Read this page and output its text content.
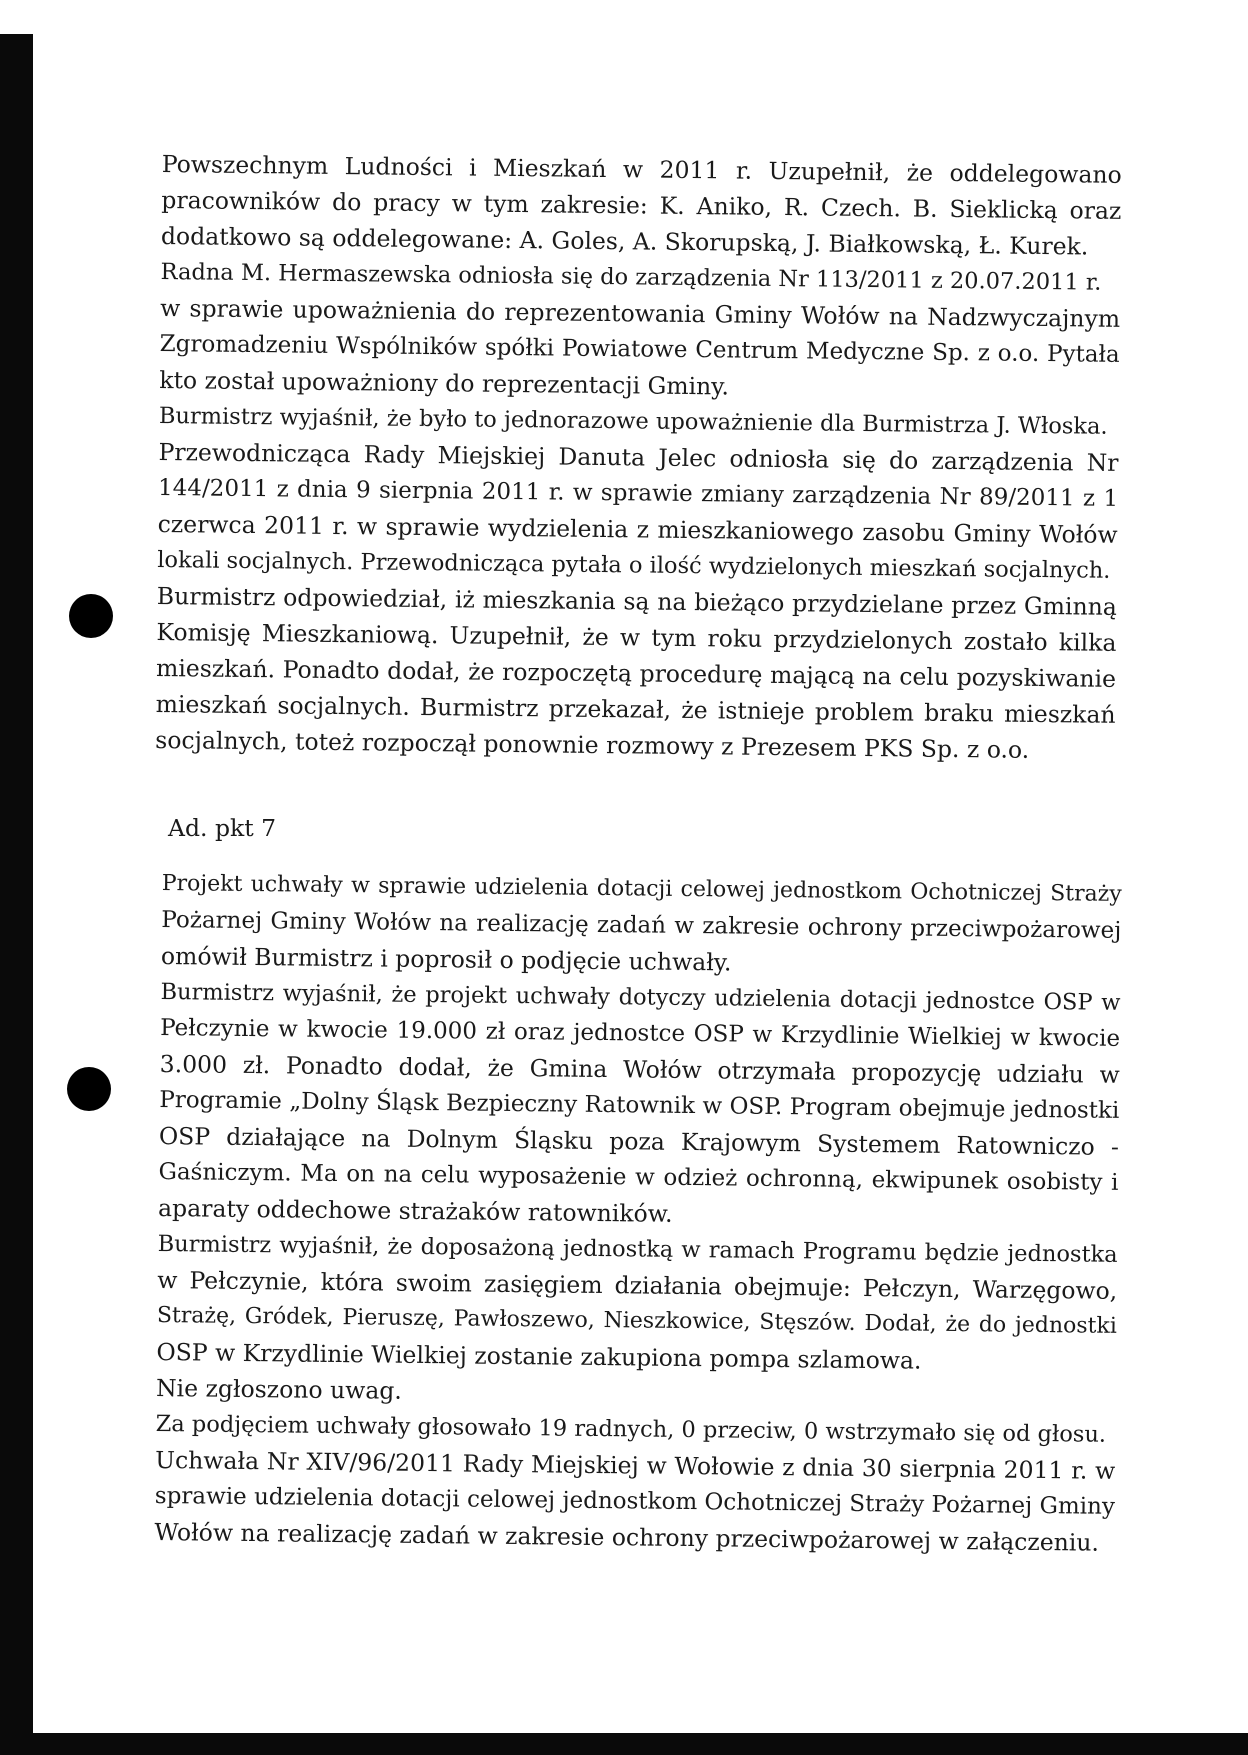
Powszechnym Ludności i Mieszkań w 2011 r. Uzupełnił, że oddelegowano
pracowników do pracy w tym zakresie: K. Aniko, R. Czech. B. Sieklicką oraz
dodatkowo są oddelegowane: A. Goles, A. Skorupską, J. Białkowską, Ł. Kurek.
Radna M. Hermaszewska odniosła się do zarządzenia Nr 113/2011 z 20.07.2011 r.
w sprawie upoważnienia do reprezentowania Gminy Wołów na Nadzwyczajnym
Zgromadzeniu Wspólników spółki Powiatowe Centrum Medyczne Sp. z o.o. Pytała
kto został upoważniony do reprezentacji Gminy.
Burmistrz wyjaśnił, że było to jednorazowe upoważnienie dla Burmistrza J. Włoska.
Przewodnicząca Rady Miejskiej Danuta Jelec odniosła się do zarządzenia Nr
144/2011 z dnia 9 sierpnia 2011 r. w sprawie zmiany zarządzenia Nr 89/2011 z 1
czerwca 2011 r. w sprawie wydzielenia z mieszkaniowego zasobu Gminy Wołów
lokali socjalnych. Przewodnicząca pytała o ilość wydzielonych mieszkań socjalnych.
Burmistrz odpowiedział, iż mieszkania są na bieżąco przydzielane przez Gminną
Komisję Mieszkaniową. Uzupełnił, że w tym roku przydzielonych zostało kilka
mieszkań. Ponadto dodał, że rozpoczętą procedurę mającą na celu pozyskiwanie
mieszkań socjalnych. Burmistrz przekazał, że istnieje problem braku mieszkań
socjalnych, toteż rozpoczął ponownie rozmowy z Prezesem PKS Sp. z o.o.
Ad. pkt 7
Projekt uchwały w sprawie udzielenia dotacji celowej jednostkom Ochotniczej Straży
Pożarnej Gminy Wołów na realizację zadań w zakresie ochrony przeciwpożarowej
omówił Burmistrz i poprosił o podjęcie uchwały.
Burmistrz wyjaśnił, że projekt uchwały dotyczy udzielenia dotacji jednostce OSP w
Pełczynie w kwocie 19.000 zł oraz jednostce OSP w Krzydlinie Wielkiej w kwocie
3.000 zł. Ponadto dodał, że Gmina Wołów otrzymała propozycję udziału w
Programie „Dolny Śląsk Bezpieczny Ratownik w OSP. Program obejmuje jednostki
OSP działające na Dolnym Śląsku poza Krajowym Systemem Ratowniczo -
Gaśniczym. Ma on na celu wyposażenie w odzież ochronną, ekwipunek osobisty i
aparaty oddechowe strażaków ratowników.
Burmistrz wyjaśnił, że doposażoną jednostką w ramach Programu będzie jednostka
w Pełczynie, która swoim zasięgiem działania obejmuje: Pełczyn, Warzęgowo,
Strażę, Gródek, Pieruszę, Pawłoszewo, Nieszkowice, Stęszów. Dodał, że do jednostki
OSP w Krzydlinie Wielkiej zostanie zakupiona pompa szlamowa.
Nie zgłoszono uwag.
Za podjęciem uchwały głosowało 19 radnych, 0 przeciw, 0 wstrzymało się od głosu.
Uchwała Nr XIV/96/2011 Rady Miejskiej w Wołowie z dnia 30 sierpnia 2011 r. w
sprawie udzielenia dotacji celowej jednostkom Ochotniczej Straży Pożarnej Gminy
Wołów na realizację zadań w zakresie ochrony przeciwpożarowej w załączeniu.
